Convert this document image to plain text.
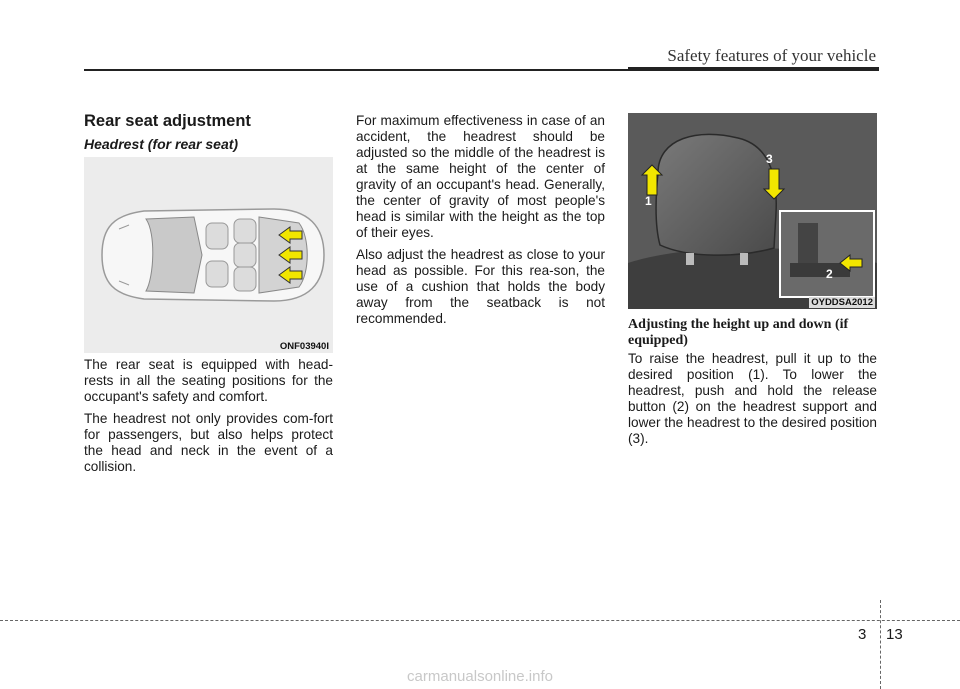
Safety features of your vehicle
Rear seat adjustment
Headrest (for rear seat)
ONF03940I

The rear seat is equipped with head-rests in all the seating positions for the occupant's safety and comfort.

The headrest not only provides com-fort for passengers, but also helps protect the head and neck in the event of a collision.

For maximum effectiveness in case of an accident, the headrest should be adjusted so the middle of the headrest is at the same height of the center of gravity of an occupant's head. Generally, the center of gravity of most people's head is similar with the height as the top of their eyes.

Also adjust the headrest as close to your head as possible. For this rea-son, the use of a cushion that holds the body away from the seatback is not recommended.

1
3
2
OYDDSA2012
Adjusting the height up and down (if equipped)

To raise the headrest, pull it up to the desired position (1). To lower the headrest, push and hold the release button (2) on the headrest support and lower the headrest to the desired position (3).

3 13
carmanualsonline.info
